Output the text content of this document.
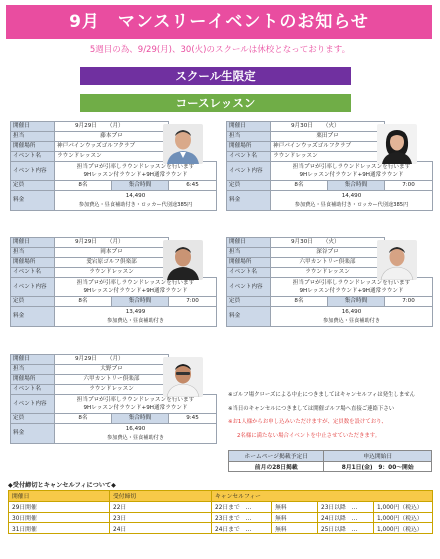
9月　マンスリーイベントのお知らせ
5週目の為、9/29(月)、30(火)のスクールは休校となっております。
スクール生限定
コースレッスン
開催日	9月29日 （月）		
担当	藤本プロ		
開催場所	神戸パインウッズゴルフクラブ		
イベント名	ラウンドレッスン		
イベント内容	担当プロが引率しラウンドレッスンを行います
9Hレッスン付ラウンド+9H通常ラウンド		

定員	8名	集合時間	6:45
料金	14,490
参加費込・昼食補助付き・ロッカー代別途385円		
開催日	9月30日 （火）		
担当	栗田プロ		
開催場所	神戸パインウッズゴルフクラブ		
イベント名	ラウンドレッスン		
イベント内容	担当プロが引率しラウンドレッスンを行います
9Hレッスン付ラウンド+9H通常ラウンド		

定員	8名	集合時間	7:00
料金	14,490
参加費込・昼食補助付き・ロッカー代別途385円		
開催日	9月29日 （月）		
担当	岡本プロ		
開催場所	愛宕原ゴルフ倶楽部		
イベント名	ラウンドレッスン		
イベント内容	担当プロが引率しラウンドレッスンを行います
9Hレッスン付ラウンド+9H通常ラウンド		

定員	8名	集合時間	7:00
料金	13,499
参加費込・昼食補助付き		
開催日	9月30日 （火）		
担当	深谷プロ		
開催場所	六甲カントリー倶楽部		
イベント名	ラウンドレッスン		
イベント内容	担当プロが引率しラウンドレッスンを行います
9Hレッスン付ラウンド+9H通常ラウンド		

定員	8名	集合時間	7:00
料金	16,490
参加費込・昼食補助付き		
開催日	9月29日 （月）		
担当	大野プロ		
開催場所	六甲カントリー倶楽部		
イベント名	ラウンドレッスン		
イベント内容	担当プロが引率しラウンドレッスンを行います
9Hレッスン付ラウンド+9H通常ラウンド		

定員	8名	集合時間	9:45
料金	16,490
参加費込・昼食補助付き		
※ゴルフ場クローズによる中止につきましてはキャンセルフィは発生しません
※当日のキャンセルにつきましては開催ゴルフ場へ直接ご連絡下さい
※お1人様からお申し込みいただけますが、定員数を設けており、
2名様に満たない場合イベントを中止させていただきます。
ホームページ掲載予定日	申込開始日
前月の28日掲載	8月1日(金)　9：00～開始
◆受付締切とキャンセルフィについて◆
開催日	受付締切	キャンセルフィー			
29日開催	22日	22日まで　…	無料	23日以降　…	1,000円（税込）
30日開催	23日	23日まで　…	無料	24日以降　…	1,000円（税込）
31日開催	24日	24日まで　…	無料	25日以降　…	1,000円（税込）
